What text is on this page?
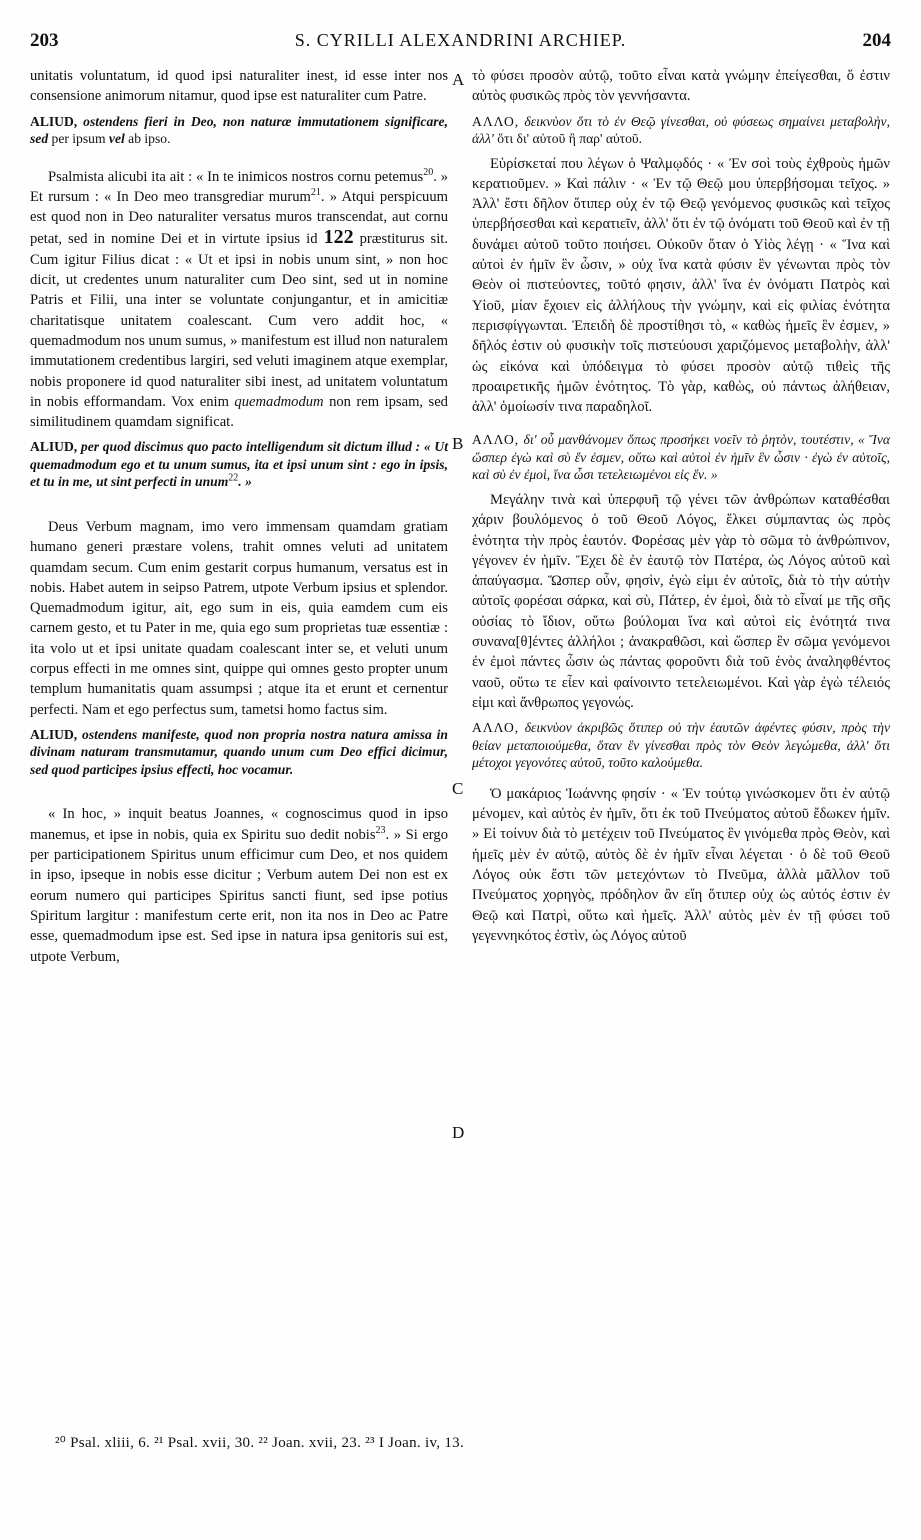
203	S. CYRILLI ALEXANDRINI ARCHIEP.	204
A
B
C
D

unitatis voluntatum, id quod ipsi naturaliter inest, id esse inter nos consensione animorum nitamur, quod ipse est naturaliter cum Patre.

ALIUD, ostendens fieri in Deo, non naturæ immutationem significare, sed per ipsum vel ab ipso.

Psalmista alicubi ita ait : « In te inimicos nostros cornu petemus$^{20}$. » Et rursum : « In Deo meo transgrediar murum$^{21}$. » Atqui perspicuum est quod non in Deo naturaliter versatus muros transcendat, aut cornu petat, sed in nomine Dei et in virtute ipsius id 122 præstiturus sit. Cum igitur Filius dicat : « Ut et ipsi in nobis unum sint, » non hoc dicit, ut credentes unum naturaliter cum Deo sint, sed ut in nomine Patris et Filii, una inter se voluntate conjungantur, et in amicitiæ charitatisque unitatem coalescant. Cum vero addit hoc, « quemadmodum nos unum sumus, » manifestum est illud non naturalem immutationem credentibus largiri, sed veluti imaginem atque exemplar, nobis proponere id quod naturaliter sibi inest, ad unitatem voluntatum in nobis efformandam. Vox enim quemadmodum non rem ipsam, sed similitudinem quamdam significat.

ALIUD, per quod discimus quo pacto intelligendum sit dictum illud : « Ut quemadmodum ego et tu unum sumus, ita et ipsi unum sint : ego in ipsis, et tu in me, ut sint perfecti in unum$^{22}$. »

Deus Verbum magnam, imo vero immensam quamdam gratiam humano generi præstare volens, trahit omnes veluti ad unitatem quamdam secum. Cum enim gestarit corpus humanum, versatus est in nobis. Habet autem in seipso Patrem, utpote Verbum ipsius et splendor. Quemadmodum igitur, ait, ego sum in eis, quia eamdem cum eis carnem gesto, et tu Pater in me, quia ego sum proprietas tuæ essentiæ : ita volo ut et ipsi unitate quadam coalescant inter se, et veluti unum corpus effecti in me omnes sint, quippe qui omnes gesto propter unum templum humanitatis quam assumpsi ; atque ita et erunt et cernentur perfecti. Nam et ego perfectus sum, tametsi homo factus sim.

ALIUD, ostendens manifeste, quod non propria nostra natura amissa in divinam naturam transmutamur, quando unum cum Deo effici dicimur, sed quod participes ipsius effecti, hoc vocamur.

« In hoc, » inquit beatus Joannes, « cognoscimus quod in ipso manemus, et ipse in nobis, quia ex Spiritu suo dedit nobis$^{23}$. » Si ergo per participationem Spiritus unum efficimur cum Deo, et nos quidem in ipso, ipseque in nobis esse dicitur ; Verbum autem Dei non est ex eorum numero qui participes Spiritus sancti fiunt, sed ipse potius Spiritum largitur : manifestum certe erit, non ita nos in Deo ac Patre esse, quemadmodum ipse est. Sed ipse in natura ipsa genitoris sui est, utpote Verbum,

τὸ φύσει προσὸν αὐτῷ, τοῦτο εἶναι κατὰ γνώμην ἐπείγεσθαι, ὅ ἐστιν αὐτὸς φυσικῶς πρὸς τὸν γεννήσαντα.

ΑΛΛΟ, δεικνὺον ὅτι τὸ ἐν Θεῷ γίνεσθαι, οὐ φύσεως σημαίνει μεταβολὴν, ἀλλ' ὅτι δι' αὐτοῦ ἢ παρ' αὐτοῦ.

Εὑρίσκεταί που λέγων ὁ Ψαλμῳδός · « Ἐν σοὶ τοὺς ἐχθροὺς ἡμῶν κερατιοῦμεν. » Καὶ πάλιν · « Ἐν τῷ Θεῷ μου ὑπερβήσομαι τεῖχος. » Ἀλλ' ἔστι δῆλον ὅτιπερ οὐχ ἐν τῷ Θεῷ γενόμενος φυσικῶς καὶ τεῖχος ὑπερβήσεσθαι καὶ κερατιεῖν, ἀλλ' ὅτι ἐν τῷ ὀνόματι τοῦ Θεοῦ καὶ ἐν τῇ δυνάμει αὐτοῦ τοῦτο ποιήσει. Οὐκοῦν ὅταν ὁ Υἱὸς λέγῃ · « Ἵνα καὶ αὐτοὶ ἐν ἡμῖν ἓν ὦσιν, » οὐχ ἵνα κατὰ φύσιν ἓν γένωνται πρὸς τὸν Θεὸν οἱ πιστεύοντες, τοῦτό φησιν, ἀλλ' ἵνα ἐν ὀνόματι Πατρὸς καὶ Υἱοῦ, μίαν ἔχοιεν εἰς ἀλλήλους τὴν γνώμην, καὶ εἰς φιλίας ἑνότητα περισφίγγωνται. Ἐπειδὴ δὲ προστίθησι τὸ, « καθὼς ἡμεῖς ἓν ἐσμεν, » δῆλός ἐστιν οὐ φυσικὴν τοῖς πιστεύουσι χαριζόμενος μεταβολὴν, ἀλλ' ὡς εἰκόνα καὶ ὑπόδειγμα τὸ φύσει προσὸν αὐτῷ τιθεὶς τῆς προαιρετικῆς ἡμῶν ἑνότητος. Τὸ γὰρ, καθὼς, οὐ πάντως ἀλήθειαν, ἀλλ' ὁμοίωσίν τινα παραδηλοῖ.

ΑΛΛΟ, δι' οὗ μανθάνομεν ὅπως προσήκει νοεῖν τὸ ῥητὸν, τουτέστιν, « Ἵνα ὥσπερ ἐγὼ καὶ σὺ ἕν ἐσμεν, οὕτω καὶ αὐτοὶ ἐν ἡμῖν ἓν ὦσιν · ἐγὼ ἐν αὐτοῖς, καὶ σὺ ἐν ἐμοὶ, ἵνα ὦσι τετελειωμένοι εἰς ἕν. »

Μεγάλην τινὰ καὶ ὑπερφυῆ τῷ γένει τῶν ἀνθρώπων καταθέσθαι χάριν βουλόμενος ὁ τοῦ Θεοῦ Λόγος, ἕλκει σύμπαντας ὡς πρὸς ἑνότητα τὴν πρὸς ἑαυτόν. Φορέσας μὲν γὰρ τὸ σῶμα τὸ ἀνθρώπινον, γέγονεν ἐν ἡμῖν. Ἔχει δὲ ἐν ἑαυτῷ τὸν Πατέρα, ὡς Λόγος αὐτοῦ καὶ ἀπαύγασμα. Ὥσπερ οὖν, φησὶν, ἐγὼ εἰμι ἐν αὐτοῖς, διὰ τὸ τὴν αὐτὴν αὐτοῖς φορέσαι σάρκα, καὶ σὺ, Πάτερ, ἐν ἐμοὶ, διὰ τὸ εἶναί με τῆς σῆς οὐσίας τὸ ἴδιον, οὕτω βούλομαι ἵνα καὶ αὐτοὶ εἰς ἑνότητά τινα συνανα[θ]έντες ἀλλήλοι ; ἀνακραθῶσι, καὶ ὥσπερ ἓν σῶμα γενόμενοι ἐν ἐμοὶ πάντες ὦσιν ὡς πάντας φοροῦντι διὰ τοῦ ἑνὸς ἀναληφθέντος ναοῦ, οὕτω τε εἶεν καὶ φαίνοιντο τετελειωμένοι. Καὶ γὰρ ἐγὼ τέλειός εἰμι καὶ ἄνθρωπος γεγονώς.

ΑΛΛΟ, δεικνὺον ἀκριβῶς ὅτιπερ οὐ τὴν ἑαυτῶν ἀφέντες φύσιν, πρὸς τὴν θείαν μεταποιούμεθα, ὅταν ἓν γίνεσθαι πρὸς τὸν Θεὸν λεγώμεθα, ἀλλ' ὅτι μέτοχοι γεγονότες αὐτοῦ, τοῦτο καλούμεθα.

Ὁ μακάριος Ἰωάννης φησίν · « Ἐν τούτῳ γινώσκομεν ὅτι ἐν αὐτῷ μένομεν, καὶ αὐτὸς ἐν ἡμῖν, ὅτι ἐκ τοῦ Πνεύματος αὐτοῦ ἔδωκεν ἡμῖν. » Εἰ τοίνυν διὰ τὸ μετέχειν τοῦ Πνεύματος ἓν γινόμεθα πρὸς Θεὸν, καὶ ἡμεῖς μὲν ἐν αὐτῷ, αὐτὸς δὲ ἐν ἡμῖν εἶναι λέγεται · ὁ δὲ τοῦ Θεοῦ Λόγος οὐκ ἔστι τῶν μετεχόντων τὸ Πνεῦμα, ἀλλὰ μᾶλλον τοῦ Πνεύματος χορηγὸς, πρόδηλον ἂν εἴη ὅτιπερ οὐχ ὡς αὐτός ἐστιν ἐν Θεῷ καὶ Πατρὶ, οὕτω καὶ ἡμεῖς. Ἀλλ' αὐτὸς μὲν ἐν τῇ φύσει τοῦ γεγεννηκότος ἐστὶν, ὡς Λόγος αὐτοῦ

²⁰ Psal. xliii, 6. ²¹ Psal. xvii, 30. ²² Joan. xvii, 23. ²³ I Joan. iv, 13.
